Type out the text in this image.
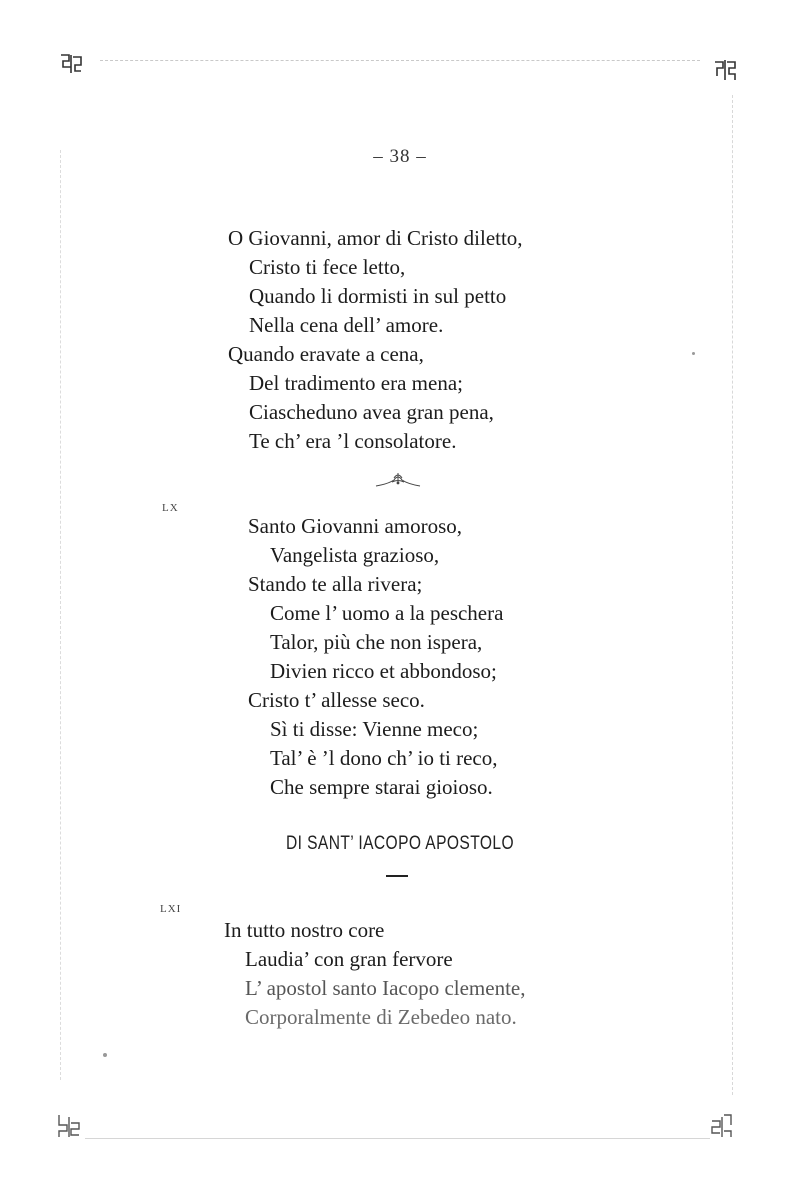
– 38 –
O Giovanni, amor di Cristo diletto,
Cristo ti fece letto,
Quando li dormisti in sul petto
Nella cena dell’ amore.
Quando eravate a cena,
Del tradimento era mena;
Ciascheduno avea gran pena,
Te ch’ era ’l consolatore.
LX
Santo Giovanni amoroso,
Vangelista grazioso,
Stando te alla rivera;
Come l’ uomo a la peschera
Talor, più che non ispera,
Divien ricco et abbondoso;
Cristo t’ allesse seco.
Sì ti disse: Vienne meco;
Tal’ è ’l dono ch’ io ti reco,
Che sempre starai gioioso.
DI SANT’ IACOPO APOSTOLO
LXI
In tutto nostro core
Laudia’ con gran fervore
L’ apostol santo Iacopo clemente,
Corporalmente di Zebedeo nato.
